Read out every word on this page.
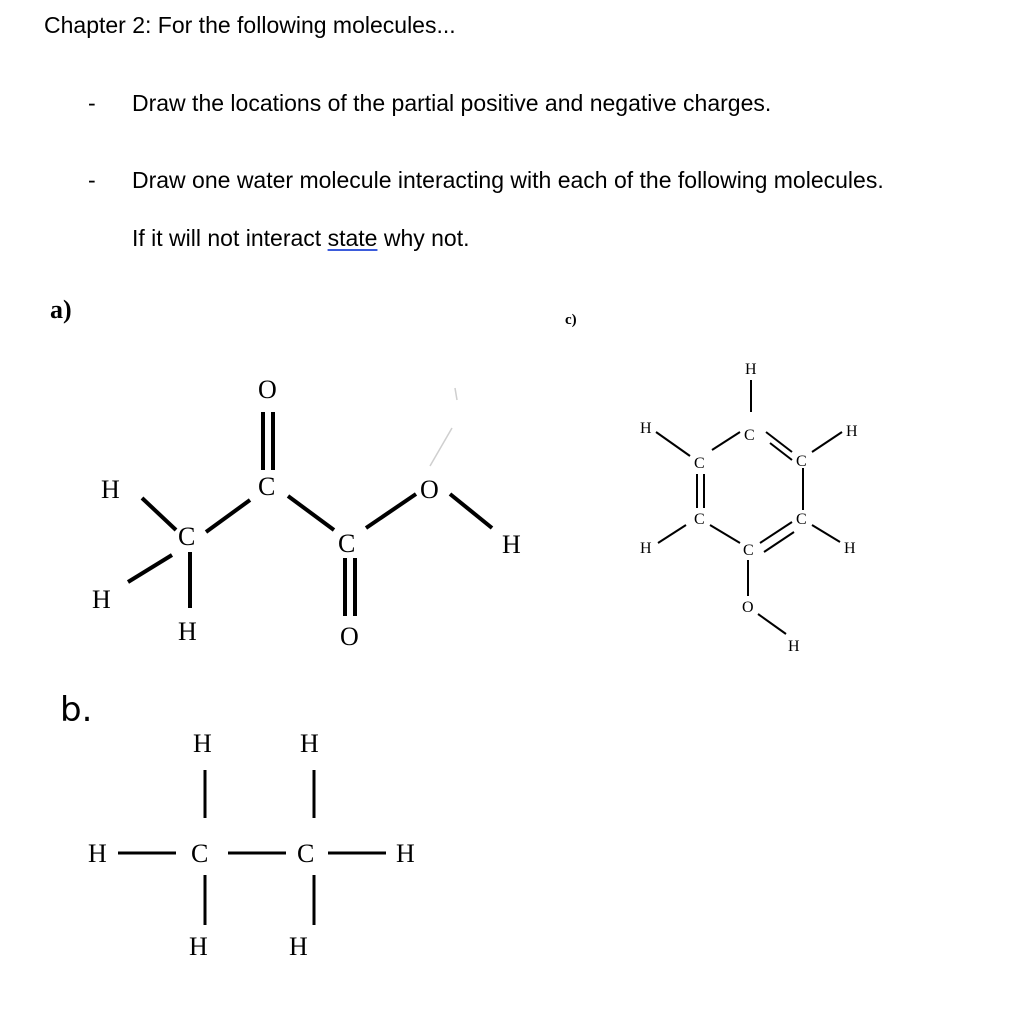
Chapter 2: For the following molecules...
- Draw the locations of the partial positive and negative charges.
- Draw one water molecule interacting with each of the following molecules.
If it will not interact state why not.
a)	c)
b.
H
H
C
H
O
C
C
O
O
H
H	H
H	C	C	H
H	H
H
H	C	H
C	C
C	C
H	C	H
O
H
